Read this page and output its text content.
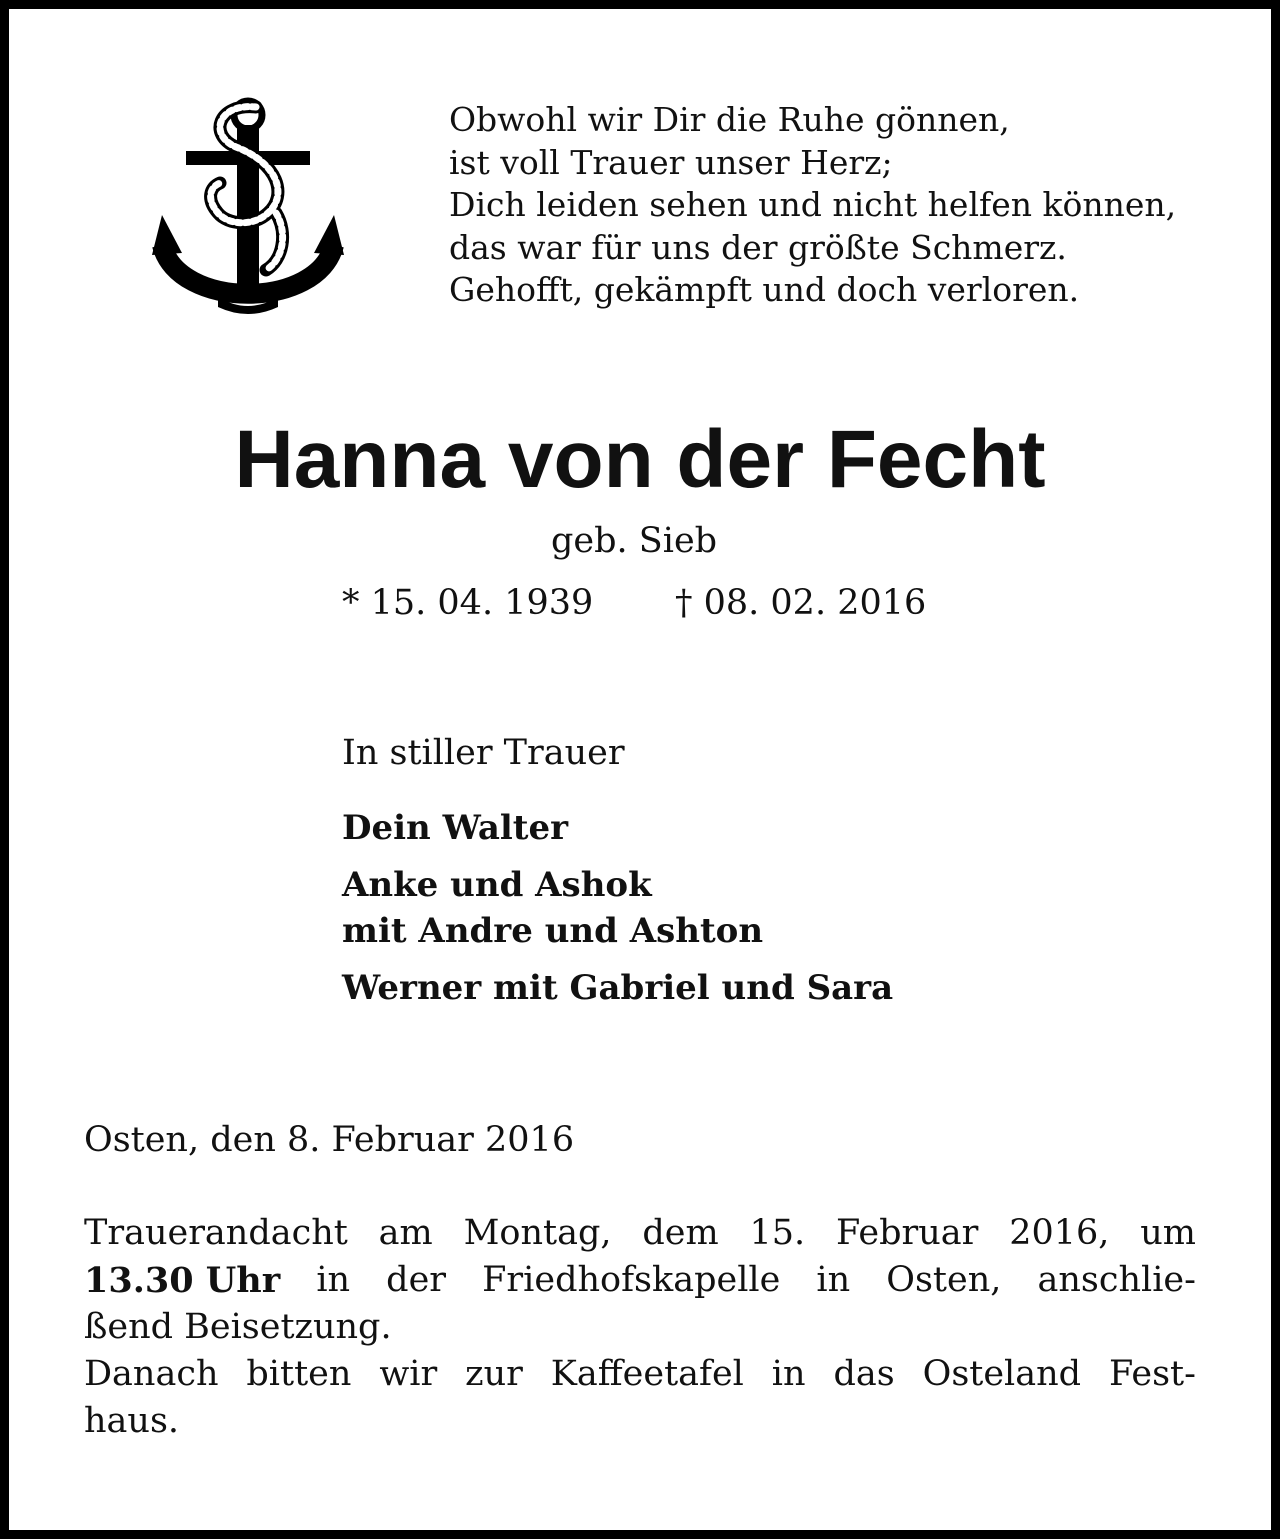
Obwohl wir Dir die Ruhe gönnen,
ist voll Trauer unser Herz;
Dich leiden sehen und nicht helfen können,
das war für uns der größte Schmerz.
Gehofft, gekämpft und doch verloren.
Hanna von der Fecht
geb. Sieb
* 15. 04. 1939 † 08. 02. 2016
In stiller Trauer
Dein Walter
Anke und Ashok
mit Andre und Ashton
Werner mit Gabriel und Sara
Osten, den 8. Februar 2016
Trauerandacht am Montag, dem 15. Februar 2016, um
13.30 Uhr in der Friedhofskapelle in Osten, anschlie-
ßend Beisetzung.
Danach bitten wir zur Kaffeetafel in das Osteland Fest-
haus.
